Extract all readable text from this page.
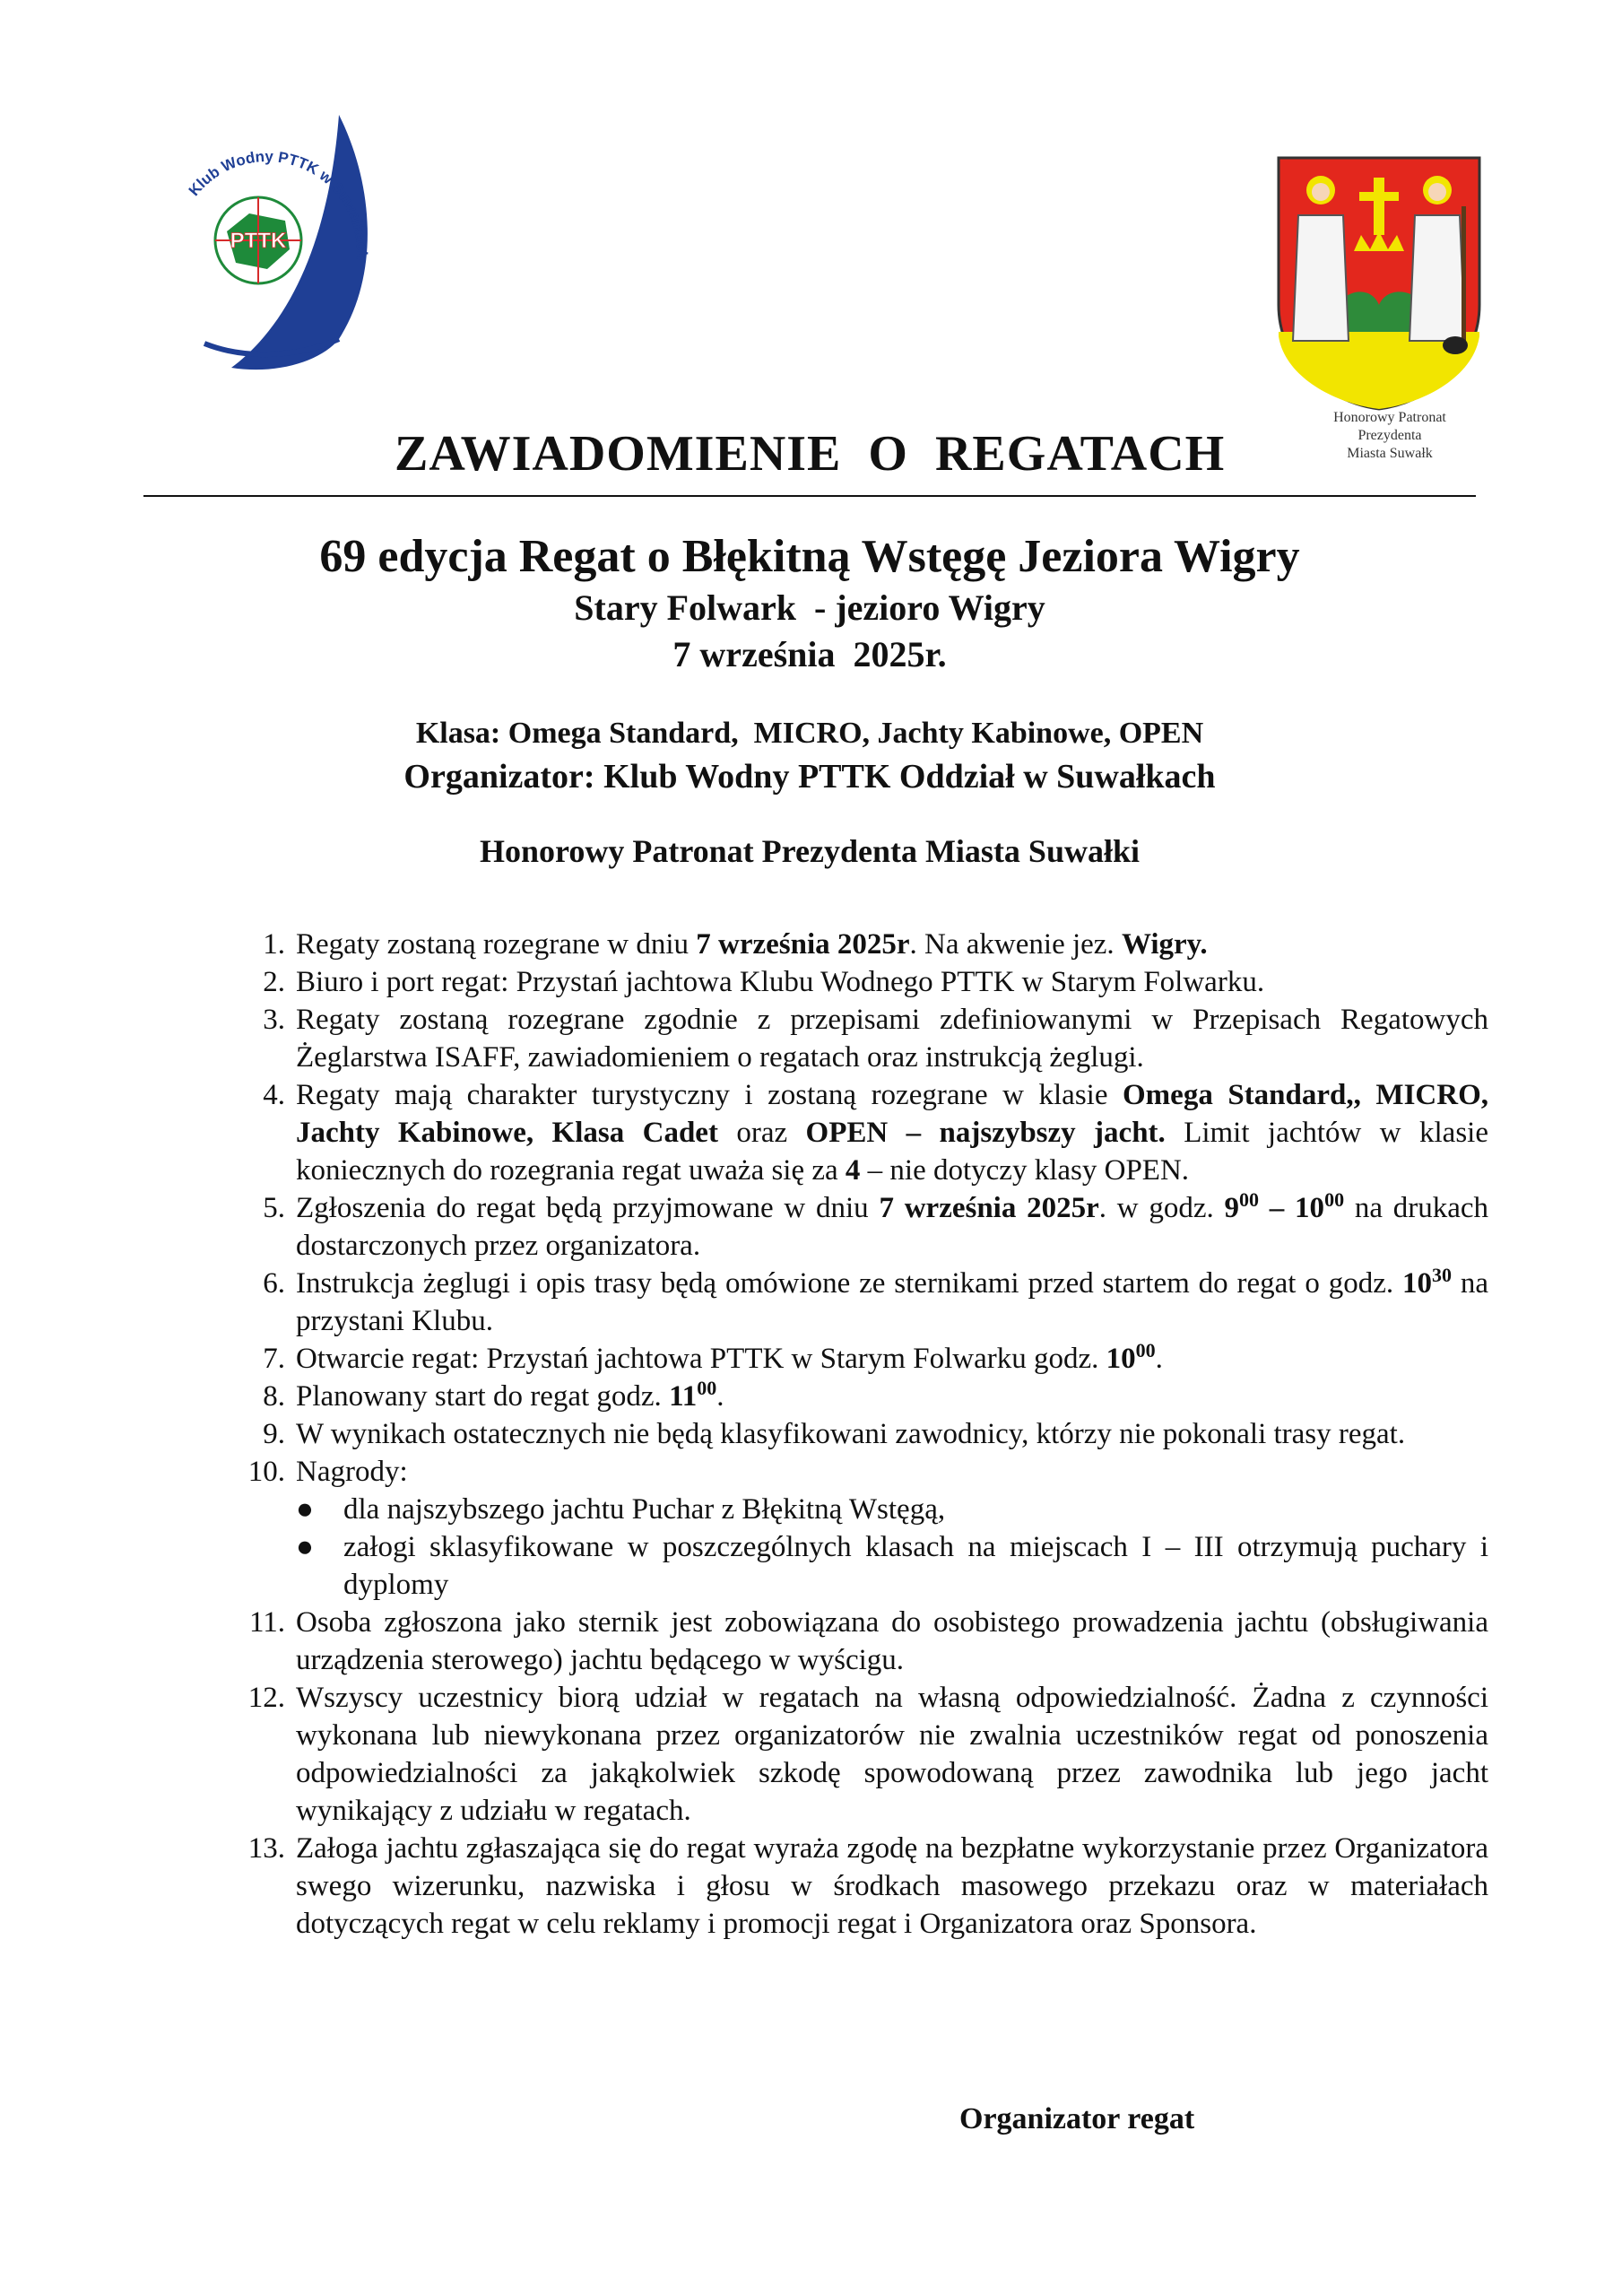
Klub Wodny PTTK w Suwałkach
PTTK
Honorowy Patronat
Prezydenta
Miasta Suwałk
ZAWIADOMIENIE  O  REGATACH
69 edycja Regat o Błękitną Wstęgę Jeziora Wigry
Stary Folwark  - jezioro Wigry
7 września  2025r.
Klasa: Omega Standard,  MICRO, Jachty Kabinowe, OPEN
Organizator: Klub Wodny PTTK Oddział w Suwałkach
Honorowy Patronat Prezydenta Miasta Suwałki
1. Regaty zostaną rozegrane w dniu 7 września 2025r. Na akwenie jez. Wigry.
2. Biuro i port regat: Przystań jachtowa Klubu Wodnego PTTK w Starym Folwarku.
3. Regaty zostaną rozegrane zgodnie z przepisami zdefiniowanymi w Przepisach Regatowych Żeglarstwa ISAFF, zawiadomieniem o regatach oraz instrukcją żeglugi.
4. Regaty mają charakter turystyczny i zostaną rozegrane w klasie Omega Standard,, MICRO, Jachty Kabinowe, Klasa Cadet oraz OPEN – najszybszy jacht. Limit jachtów w klasie koniecznych do rozegrania regat uważa się za 4 – nie dotyczy klasy OPEN.
5. Zgłoszenia do regat będą przyjmowane w dniu 7 września 2025r. w godz. $9^{00} - 10^{00}$ na drukach dostarczonych przez organizatora.
6. Instrukcja żeglugi i opis trasy będą omówione ze sternikami przed startem do regat o godz. $10^{30}$ na przystani Klubu.
7. Otwarcie regat: Przystań jachtowa PTTK w Starym Folwarku godz. $10^{00}$.
8. Planowany start do regat godz. $11^{00}$.
9. W wynikach ostatecznych nie będą klasyfikowani zawodnicy, którzy nie pokonali trasy regat.
10. Nagrody:
● dla najszybszego jachtu Puchar z Błękitną Wstęgą,
● załogi sklasyfikowane w poszczególnych klasach na miejscach I – III otrzymują puchary i dyplomy
11. Osoba zgłoszona jako sternik jest zobowiązana do osobistego prowadzenia jachtu (obsługiwania urządzenia sterowego) jachtu będącego w wyścigu.
12. Wszyscy uczestnicy biorą udział w regatach na własną odpowiedzialność. Żadna z czynności wykonana lub niewykonana przez organizatorów nie zwalnia uczestników regat od ponoszenia odpowiedzialności za jakąkolwiek szkodę spowodowaną przez zawodnika lub jego jacht wynikający z udziału w regatach.
13. Załoga jachtu zgłaszająca się do regat wyraża zgodę na bezpłatne wykorzystanie przez Organizatora swego wizerunku, nazwiska i głosu w środkach masowego przekazu oraz w materiałach dotyczących regat w celu reklamy i promocji regat i Organizatora oraz Sponsora.
Organizator regat
